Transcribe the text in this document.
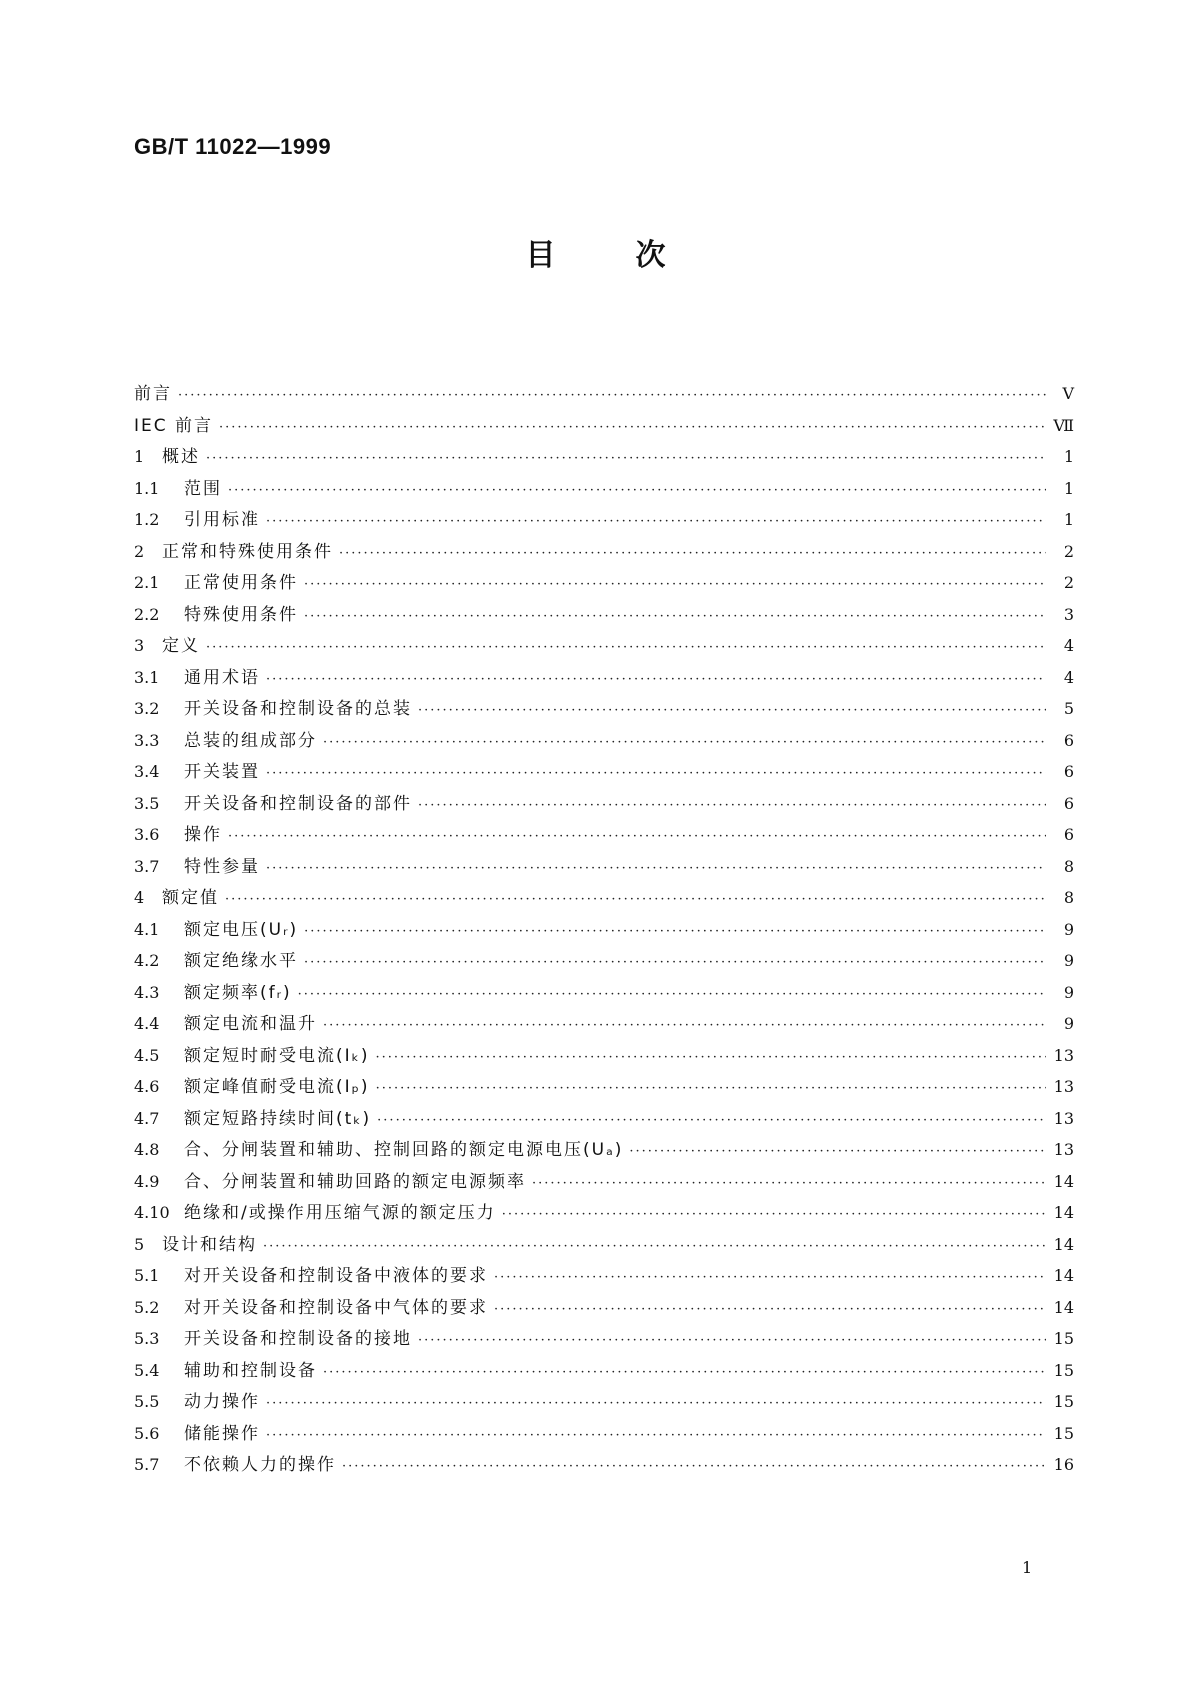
GB/T 11022—1999
目次
前言 ·····	V
IEC 前言 ·····	Ⅶ
1	概述 ·····	1
1.1	范围 ·····	1
1.2	引用标准 ·····	1
2	正常和特殊使用条件 ·····	2
2.1	正常使用条件 ·····	2
2.2	特殊使用条件 ·····	3
3	定义 ·····	4
3.1	通用术语 ·····	4
3.2	开关设备和控制设备的总装 ·····	5
3.3	总装的组成部分 ·····	6
3.4	开关装置 ·····	6
3.5	开关设备和控制设备的部件 ·····	6
3.6	操作 ·····	6
3.7	特性参量 ·····	8
4	额定值 ·····	8
4.1	额定电压(Uᵣ) ·····	9
4.2	额定绝缘水平 ·····	9
4.3	额定频率(fᵣ) ·····	9
4.4	额定电流和温升 ·····	9
4.5	额定短时耐受电流(Iₖ) ·····	13
4.6	额定峰值耐受电流(Iₚ) ·····	13
4.7	额定短路持续时间(tₖ) ·····	13
4.8	合、分闸装置和辅助、控制回路的额定电源电压(Uₐ) ·····	13
4.9	合、分闸装置和辅助回路的额定电源频率 ·····	14
4.10 绝缘和/或操作用压缩气源的额定压力 ·····	14
5	设计和结构 ·····	14
5.1	对开关设备和控制设备中液体的要求 ·····	14
5.2	对开关设备和控制设备中气体的要求 ·····	14
5.3	开关设备和控制设备的接地 ·····	15
5.4	辅助和控制设备 ·····	15
5.5	动力操作 ·····	15
5.6	储能操作 ·····	15
5.7	不依赖人力的操作 ·····	16
1
